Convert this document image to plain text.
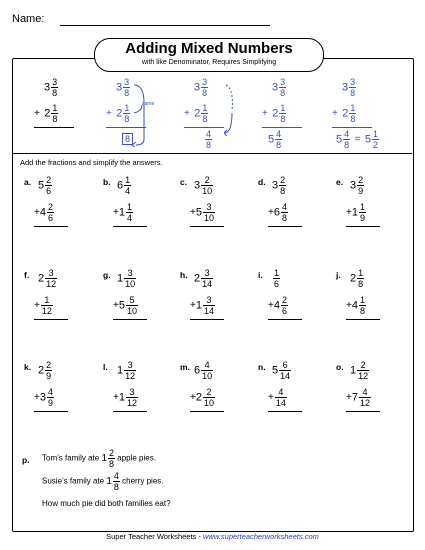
Name:
Adding Mixed Numbers
with like Denominator, Requires Simplifying
$3 \frac{3}{8}$
+ $2 \frac{1}{8}$
$3 \frac{3}{8}$
+ $2 \frac{1}{8}$ same
8
$3 \frac{3}{8}$
+ $2 \frac{1}{8}$
$\frac{4}{8}$
$3 \frac{3}{8}$
+ $2 \frac{1}{8}$
$5 \frac{4}{8}$
$3 \frac{3}{8}$
+ $2 \frac{1}{8}$
$5 \frac{4}{8} = 5 \frac{1}{2}$
Add the fractions and simplify the answers.
a. $5 \frac{2}{6}$
$+4 \frac{2}{6}$
b. $6 \frac{1}{4}$
$+1 \frac{1}{4}$
c. $3 \frac{2}{10}$
$+5 \frac{3}{10}$
d. $3 \frac{2}{8}$
$+6 \frac{4}{8}$
e. $3 \frac{2}{9}$
$+1 \frac{1}{9}$
f. $2 \frac{3}{12}$
+ $\frac{1}{12}$
g. $1 \frac{3}{10}$
$+5 \frac{5}{10}$
h. $2 \frac{3}{14}$
$+1 \frac{3}{14}$
i. $\frac{1}{6}$
$+4 \frac{2}{6}$
j. $2 \frac{1}{8}$
$+4 \frac{1}{8}$
k. $2 \frac{2}{9}$
$+3 \frac{4}{9}$
l. $1 \frac{3}{12}$
$+1 \frac{3}{12}$
m. $6 \frac{4}{10}$
$+2 \frac{2}{10}$
n. $5 \frac{6}{14}$
+ $\frac{4}{14}$
o. $1 \frac{2}{12}$
$+7 \frac{4}{12}$
p. Tom’s family ate $1 \frac{2}{8}$ apple pies.
Susie’s family ate $1 \frac{4}{8}$ cherry pies.
How much pie did both families eat?
Super Teacher Worksheets - www.superteacherworksheets.com
